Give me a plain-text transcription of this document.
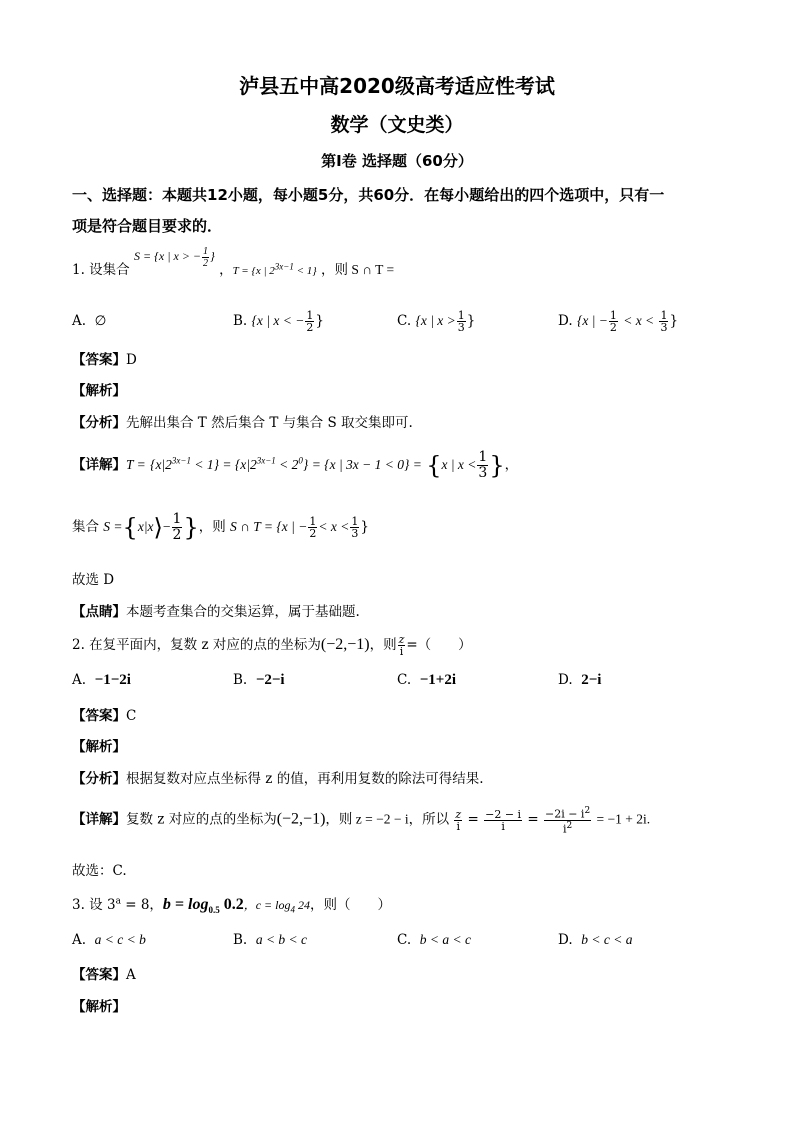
泸县五中高2020级高考适应性考试
数学（文史类）
第I卷 选择题（60分）
一、选择题：本题共12小题，每小题5分，共60分．在每小题给出的四个选项中，只有一
项是符合题目要求的．
1. 设集合 S = {x | x > − $\frac{1}{2}$ } ，T = {x | $2^{3x-1} < 1$} ，则 S ∩ T =
A. ∅	B. {x | x < − $\frac{1}{2}$ }	C. {x | $x > \frac{1}{3}$ }	D. {x | − $\frac{1}{2} < x < \frac{1}{3}$ }
【答案】D
【解析】
【分析】先解出集合 T 然后集合 T 与集合 S 取交集即可.
【详解】$T = \{x|2^{3x-1} < 1\} = \{x|2^{3x-1} < 2^0\} = \{x$ | 3x − 1 < 0} = {x | $x < \frac{1}{3}$ }，
集合 S ={x|x⟩− $\frac{1}{2}$ }，则 S ∩ T = {x | − $\frac{1}{2} < x < \frac{1}{3}$ }
故选 D
【点睛】本题考查集合的交集运算，属于基础题.
2. 在复平面内，复数 z 对应的点的坐标为(−2,−1)，则 $\frac{z}{i}$ =（　　）
A. −1−2i	B. −2−i	C. −1+2i	D. 2−i
【答案】C
【解析】
【分析】根据复数对应点坐标得 z 的值，再利用复数的除法可得结果.
【详解】复数 z 对应的点的坐标为(−2,−1)，则 z = −2 − i，所以 $\frac{z}{i} = \frac{-2 - i}{i} = \frac{-2i - i^2}{i^2} = -1 + 2i$.
故选：C.
3. 设 $3^a = 8$，$b = \log_{0.5} 0.2$，$c = \log_4 24$，则（　　）
A. a < c < b	B. a < b < c	C. b < a < c	D. b < c < a
【答案】A
【解析】
